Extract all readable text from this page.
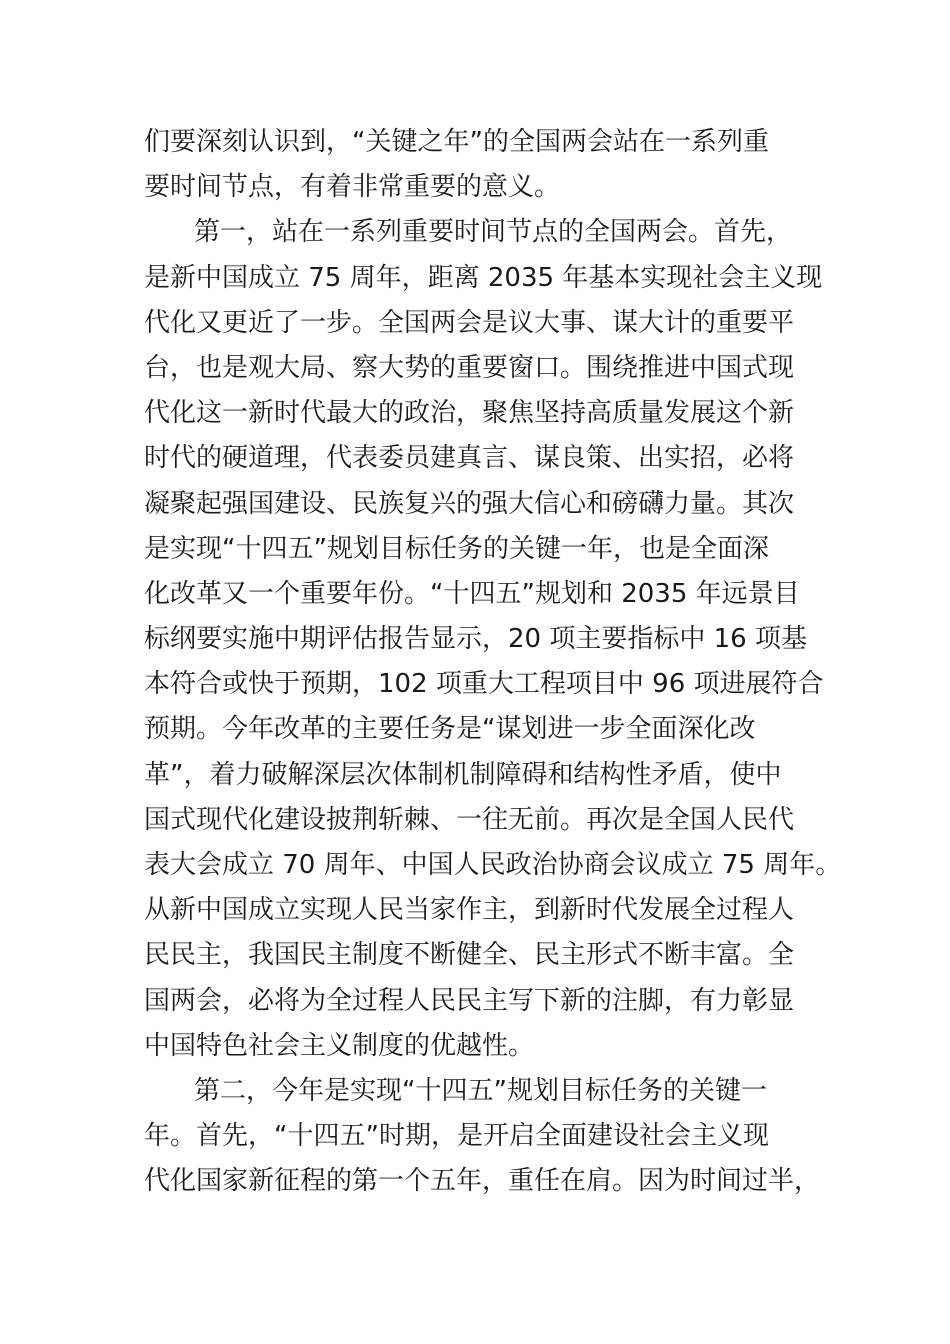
们要深刻认识到，“关键之年”的全国两会站在一系列重
要时间节点，有着非常重要的意义。
第一，站在一系列重要时间节点的全国两会。首先，
是新中国成立 75 周年，距离 2035 年基本实现社会主义现
代化又更近了一步。全国两会是议大事、谋大计的重要平
台，也是观大局、察大势的重要窗口。围绕推进中国式现
代化这一新时代最大的政治，聚焦坚持高质量发展这个新
时代的硬道理，代表委员建真言、谋良策、出实招，必将
凝聚起强国建设、民族复兴的强大信心和磅礴力量。其次
是实现“十四五”规划目标任务的关键一年，也是全面深
化改革又一个重要年份。“十四五”规划和 2035 年远景目
标纲要实施中期评估报告显示，20 项主要指标中 16 项基
本符合或快于预期，102 项重大工程项目中 96 项进展符合
预期。今年改革的主要任务是“谋划进一步全面深化改
革”，着力破解深层次体制机制障碍和结构性矛盾，使中
国式现代化建设披荆斩棘、一往无前。再次是全国人民代
表大会成立 70 周年、中国人民政治协商会议成立 75 周年。
从新中国成立实现人民当家作主，到新时代发展全过程人
民民主，我国民主制度不断健全、民主形式不断丰富。全
国两会，必将为全过程人民民主写下新的注脚，有力彰显
中国特色社会主义制度的优越性。
第二，今年是实现“十四五”规划目标任务的关键一
年。首先，“十四五”时期，是开启全面建设社会主义现
代化国家新征程的第一个五年，重任在肩。因为时间过半，
